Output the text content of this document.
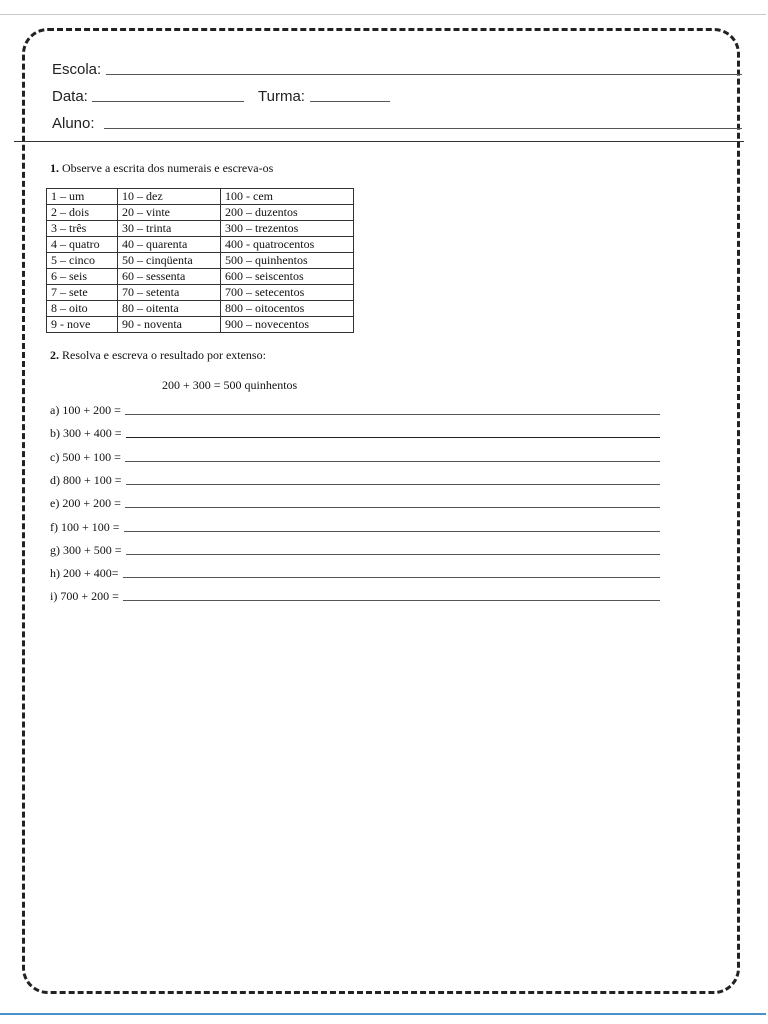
Escola:
Data:	Turma:
Aluno:
1. Observe a escrita dos numerais e escreva-os
1 – um	10 – dez	100 - cem
2 – dois	20 – vinte	200 – duzentos
3 – três	30 – trinta	300 – trezentos
4 – quatro	40 – quarenta	400 - quatrocentos
5 – cinco	50 – cinqüenta	500 – quinhentos
6 – seis	60 – sessenta	600 – seiscentos
7 – sete	70 – setenta	700 – setecentos
8 – oito	80 – oitenta	800 – oitocentos
9 - nove	90 - noventa	900 – novecentos
2. Resolva e escreva o resultado por extenso:
200 + 300 = 500 quinhentos
a) 100 + 200 =
b) 300 + 400 =
c) 500 + 100 =
d) 800 + 100 =
e) 200 + 200 =
f) 100 + 100 =
g) 300 + 500 =
h) 200 + 400=
i) 700 + 200 =
